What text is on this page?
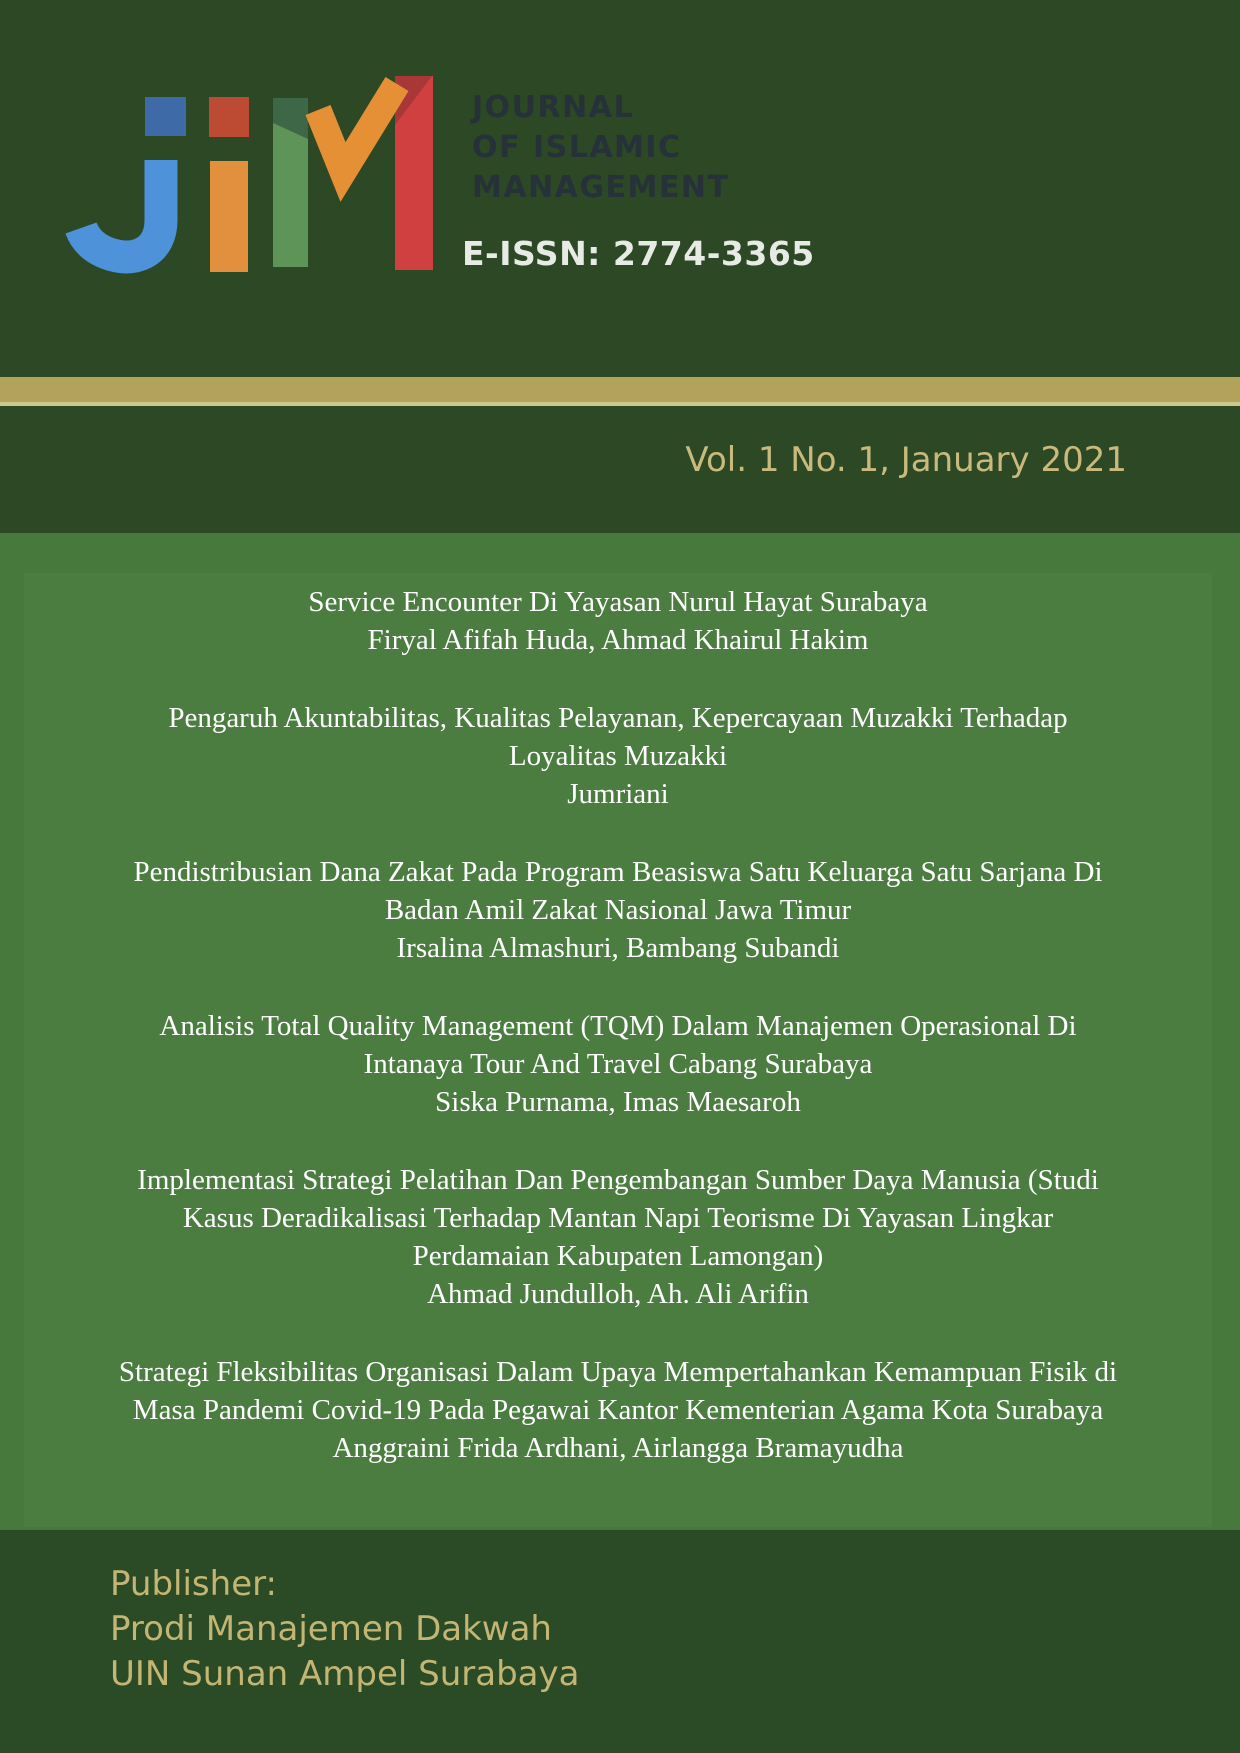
JOURNAL
OF ISLAMIC
MANAGEMENT
E-ISSN: 2774-3365
Vol. 1 No. 1, January 2021
Service Encounter Di Yayasan Nurul Hayat Surabaya
Firyal Afifah Huda, Ahmad Khairul Hakim
Pengaruh Akuntabilitas, Kualitas Pelayanan, Kepercayaan Muzakki Terhadap
Loyalitas Muzakki
Jumriani
Pendistribusian Dana Zakat Pada Program Beasiswa Satu Keluarga Satu Sarjana Di
Badan Amil Zakat Nasional Jawa Timur
Irsalina Almashuri, Bambang Subandi
Analisis Total Quality Management (TQM) Dalam Manajemen Operasional Di
Intanaya Tour And Travel Cabang Surabaya
Siska Purnama, Imas Maesaroh
Implementasi Strategi Pelatihan Dan Pengembangan Sumber Daya Manusia (Studi
Kasus Deradikalisasi Terhadap Mantan Napi Teorisme Di Yayasan Lingkar
Perdamaian Kabupaten Lamongan)
Ahmad Jundulloh, Ah. Ali Arifin
Strategi Fleksibilitas Organisasi Dalam Upaya Mempertahankan Kemampuan Fisik di
Masa Pandemi Covid-19 Pada Pegawai Kantor Kementerian Agama Kota Surabaya
Anggraini Frida Ardhani, Airlangga Bramayudha
Publisher:
Prodi Manajemen Dakwah
UIN Sunan Ampel Surabaya
